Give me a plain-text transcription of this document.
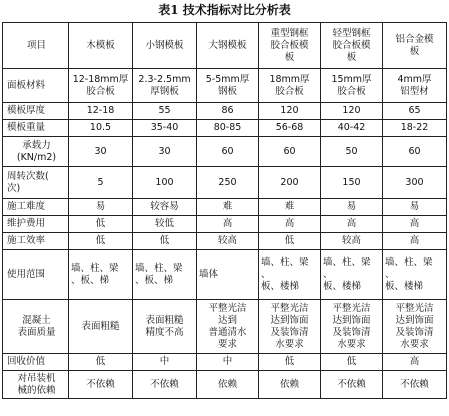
表1 技术指标对比分析表
项目	木模板	小钢模板	大钢模板	重型钢框
胶合板模
板	轻型钢框
胶合板模
板	铝合金模
板
面板材料	12-18mm厚
胶合板	2.3-2.5mm
厚钢板	5-5mm厚
钢板	18mm厚
胶合板	15mm厚
胶合板	4mm厚
铝型材
模板厚度	12-18	55	86	120	120	65
模板重量	10.5	35-40	80-85	56-68	40-42	18-22
承载力
(KN/m2)	30	30	60	60	50	60
周转次数(
次)	5	100	250	200	150	300
施工难度	易	较容易	难	难	易	易
维护费用	低	较低	高	高	高	高
施工效率	低	低	较高	低	较高	高
使用范围	墙、柱、梁
、板、梯	墙、柱、梁
、板、梯	墙体	墙、柱、梁
、
板、楼梯	墙、柱、梁
、
板、楼梯	墙、柱、梁
、
板、楼梯
混凝土
表面质量	表面粗糙	表面粗糙
精度不高	平整光洁
达到
普通清水
要求	平整光洁
达到饰面
及装饰清
水要求	平整光洁
达到饰面
及装饰清
水要求	平整光洁
达到饰面
及装饰清
水要求
回收价值	低	中	中	低	低	高
对吊装机
械的依赖	不依赖	不依赖	依赖	依赖	不依赖	不依赖
